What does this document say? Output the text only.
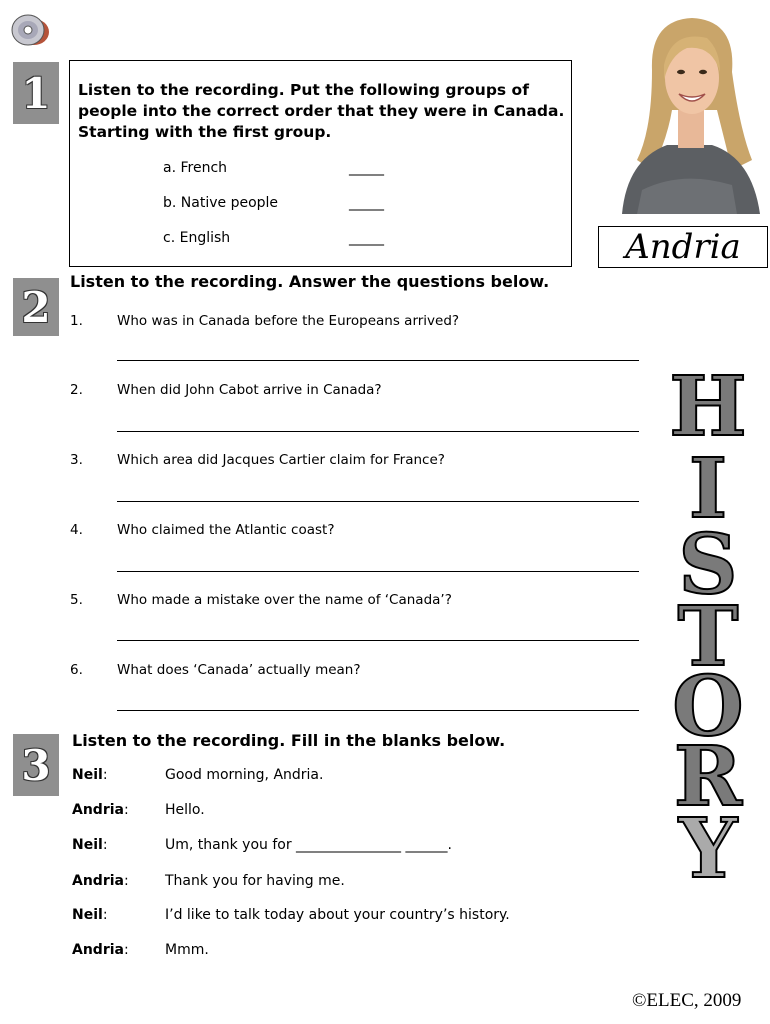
1	Listen to the recording. Put the following groups of people into the correct order that they were in Canada. Starting with the first group.
a. French	_____
b. Native people	_____
c. English	_____	Andria
2
Listen to the recording. Answer the questions below.
1.	Who was in Canada before the Europeans arrived?
2.	When did John Cabot arrive in Canada?
3.	Which area did Jacques Cartier claim for France?
4.	Who claimed the Atlantic coast?
5.	Who made a mistake over the name of ‘Canada’?
6.	What does ‘Canada’ actually mean?
H
I
S
T
O
R
Y
3	Listen to the recording. Fill in the blanks below.
Neil:	Good morning, Andria.
Andria:	Hello.
Neil:	Um, thank you for _______________ ______.
Andria:	Thank you for having me.
Neil:	I’d like to talk today about your country’s history.
Andria:	Mmm.
©ELEC, 2009
